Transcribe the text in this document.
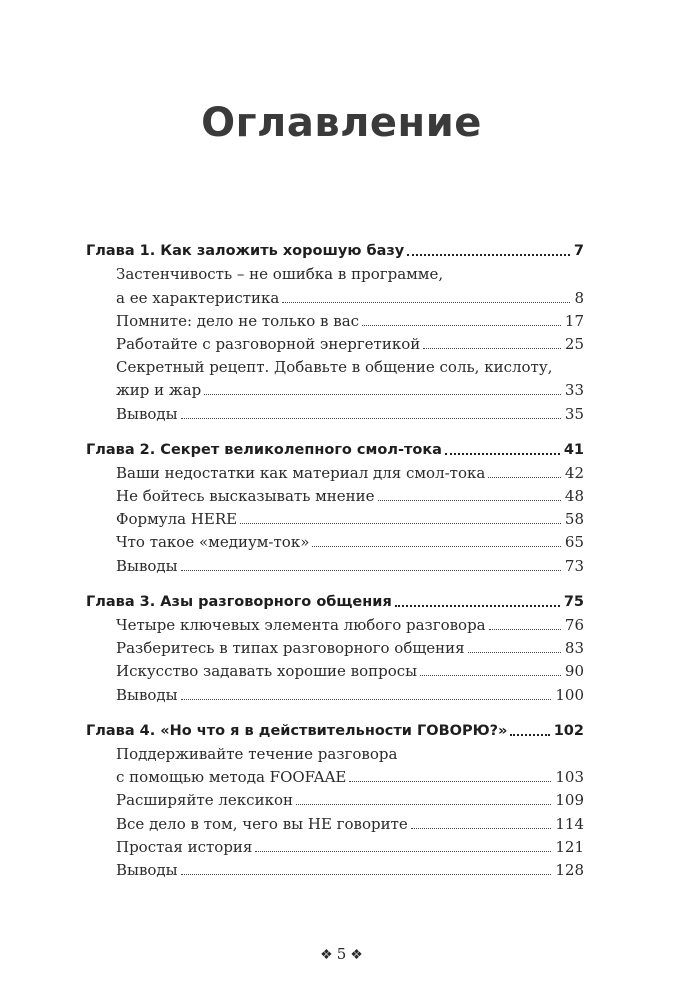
Оглавление
Глава 1. Как заложить хорошую базу	7
Застенчивость – не ошибка в программе,
а ее характеристика	8
Помните: дело не только в вас	17
Работайте с разговорной энергетикой	25
Секретный рецепт. Добавьте в общение соль, кислоту,
жир и жар	33
Выводы	35
Глава 2. Секрет великолепного смол-тока	41
Ваши недостатки как материал для смол-тока	42
Не бойтесь высказывать мнение	48
Формула HERE	58
Что такое «медиум-ток»	65
Выводы	73
Глава 3. Азы разговорного общения	75
Четыре ключевых элемента любого разговора	76
Разберитесь в типах разговорного общения	83
Искусство задавать хорошие вопросы	90
Выводы	100
Глава 4. «Но что я в действительности ГОВОРЮ?»	102
Поддерживайте течение разговора
с помощью метода FOOFAAE	103
Расширяйте лексикон	109
Все дело в том, чего вы НЕ говорите	114
Простая история	121
Выводы	128
❖ 5 ❖
